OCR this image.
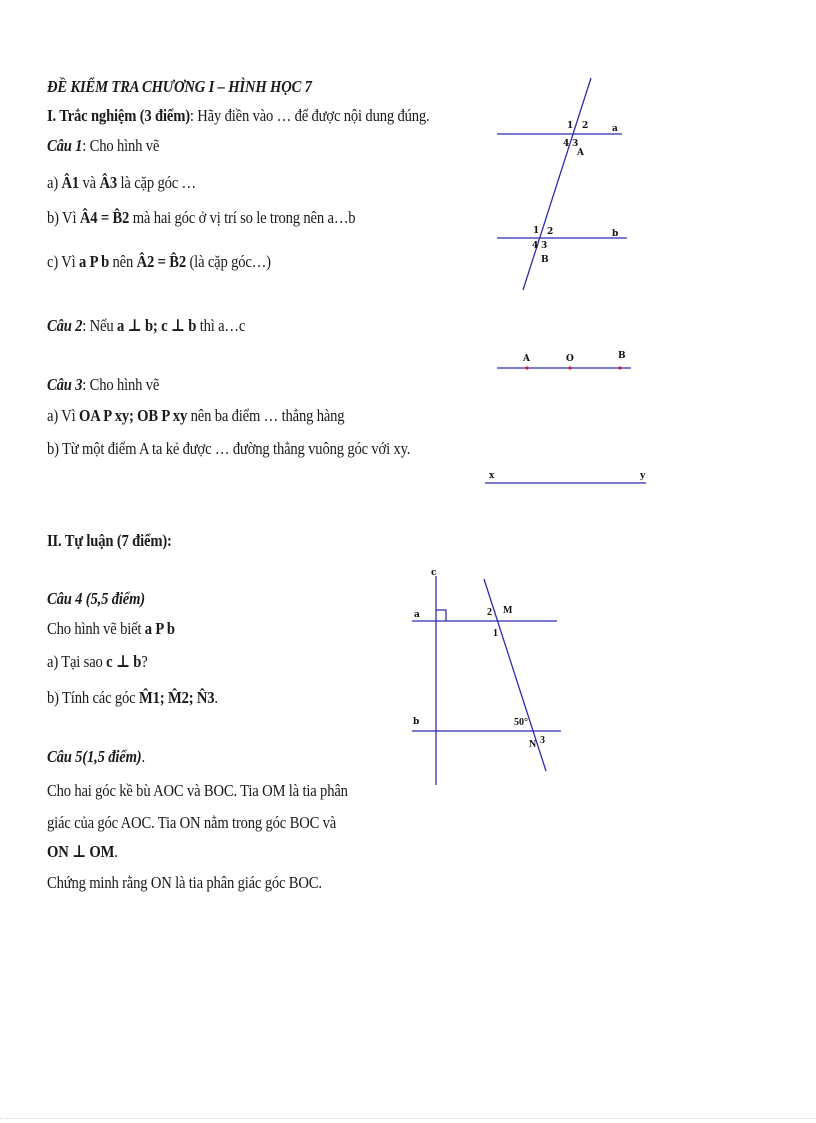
ĐỀ KIỂM TRA CHƯƠNG I – HÌNH HỌC 7
I. Trắc nghiệm (3 điểm): Hãy điền vào … để được nội dung đúng.
Câu 1: Cho hình vẽ
a) Â1 và Â3 là cặp góc …
b) Vì Â4 = B̂2 mà hai góc ở vị trí so le trong nên a…b
c) Vì a P b nên Â2 = B̂2 (là cặp góc…)
Câu 2: Nếu a ⊥ b; c ⊥ b thì a…c
Câu 3: Cho hình vẽ
a) Vì OA P xy; OB P xy nên ba điểm … thẳng hàng
b) Từ một điểm A ta kẻ được … đường thẳng vuông góc với xy.
II. Tự luận (7 điểm):
Câu 4 (5,5 điểm)
Cho hình vẽ biết a P b
a) Tại sao c ⊥ b?
b) Tính các góc M̂1; M̂2; N̂3.
Câu 5(1,5 điểm).
Cho hai góc kề bù AOC và BOC. Tia OM là tia phân
giác của góc AOC. Tia ON nằm trong góc BOC và
ON ⊥ OM.
Chứng minh rằng ON là tia phân giác góc BOC.
1 2	a
4 3
A
1 2	b
4 3
B
A	O	B
x	y
c
a
b
2 M
1
50°
N 3
